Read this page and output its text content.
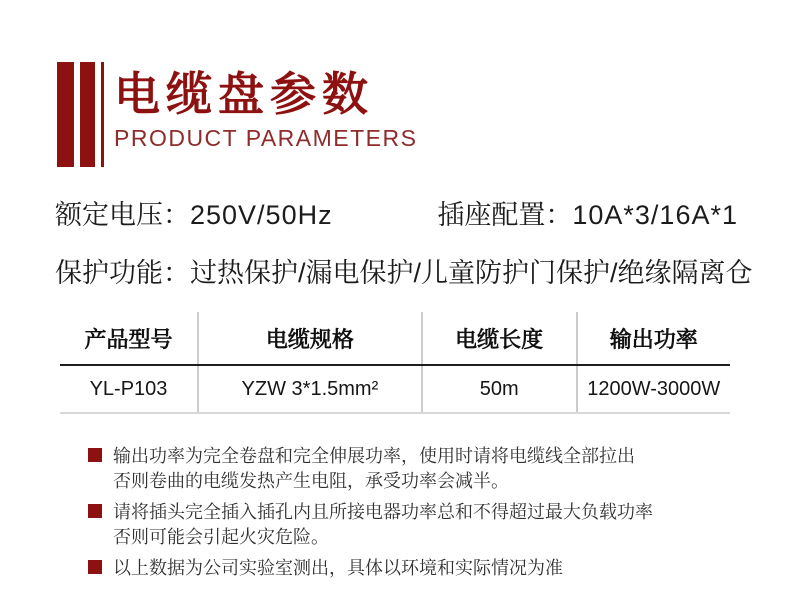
电缆盘参数
PRODUCT PARAMETERS
额定电压：250V/50Hz	插座配置：10A*3/16A*1
保护功能：过热保护/漏电保护/儿童防护门保护/绝缘隔离仓
产品型号	电缆规格	电缆长度	输出功率
YL-P103	YZW 3*1.5mm²	50m	1200W-3000W
输出功率为完全卷盘和完全伸展功率，使用时请将电缆线全部拉出
否则卷曲的电缆发热产生电阻，承受功率会减半。
请将插头完全插入插孔内且所接电器功率总和不得超过最大负载功率
否则可能会引起火灾危险。
以上数据为公司实验室测出，具体以环境和实际情况为准
